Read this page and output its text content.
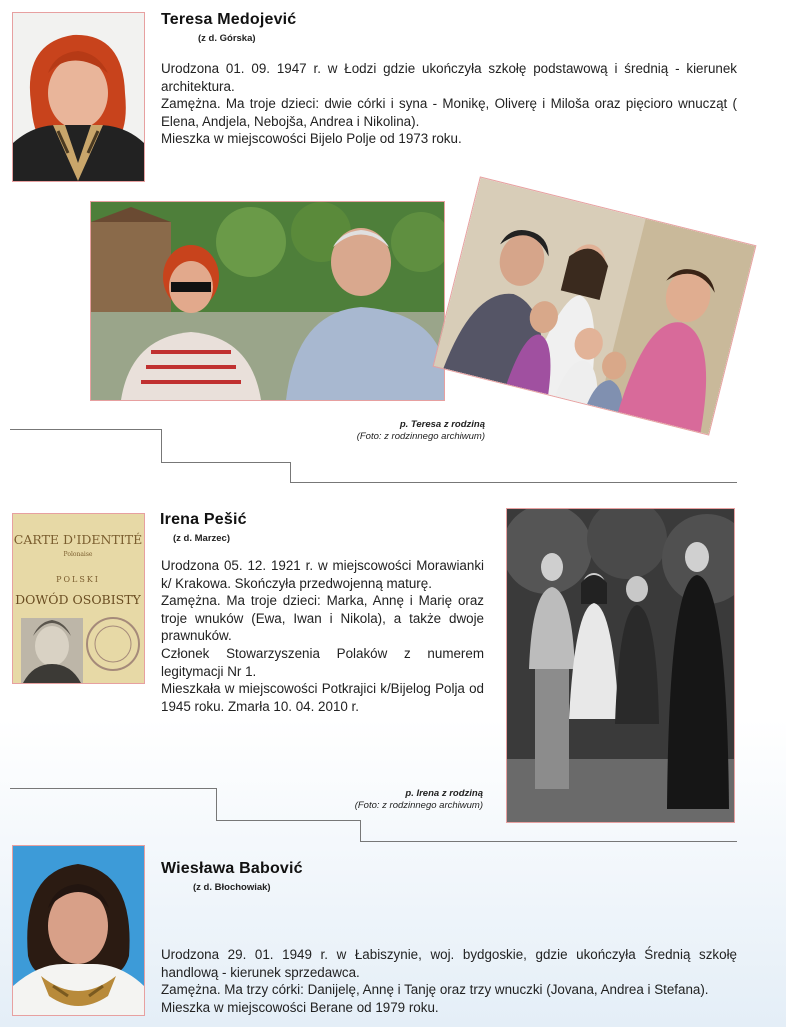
Teresa Medojević
(z d. Górska)

Urodzona 01. 09. 1947 r. w Łodzi gdzie ukończyła szkołę podstawową i średnią - kierunek architektura.

Zamężna. Ma troje dzieci: dwie córki i syna - Monikę, Oliverę i Miloša oraz pięcioro wnucząt ( Elena, Andjela, Nebojša, Andrea i Nikolina).

Mieszka w miejscowości Bijelo Polje od 1973 roku.

p. Teresa z rodziną
(Foto: z rodzinnego archiwum)
CARTE D'IDENTITÉ
Polonaise
POLSKI
DOWÓD OSOBISTY
Irena Pešić
(z d. Marzec)

Urodzona 05. 12. 1921 r. w miejscowości Morawianki k/ Krakowa. Skończyła przedwojenną maturę.

Zamężna. Ma troje dzieci: Marka, Annę i Marię oraz troje wnuków (Ewa, Iwan i Nikola), a także dwoje prawnuków.

Członek Stowarzyszenia Polaków z numerem legitymacji Nr 1.

Mieszkała w miejscowości Potkrajici k/Bijelog Polja od 1945 roku. Zmarła 10. 04. 2010 r.

p. Irena z rodziną
(Foto: z rodzinnego archiwum)
Wiesława Babović
(z d. Błochowiak)

Urodzona 29. 01. 1949 r. w Łabiszynie, woj. bydgoskie, gdzie ukończyła Średnią szkołę handlową - kierunek sprzedawca.

Zamężna. Ma trzy córki: Danijelę, Annę i Tanję oraz trzy wnuczki (Jovana, Andrea i Stefana).

Mieszka w miejscowości Berane od 1979 roku.
